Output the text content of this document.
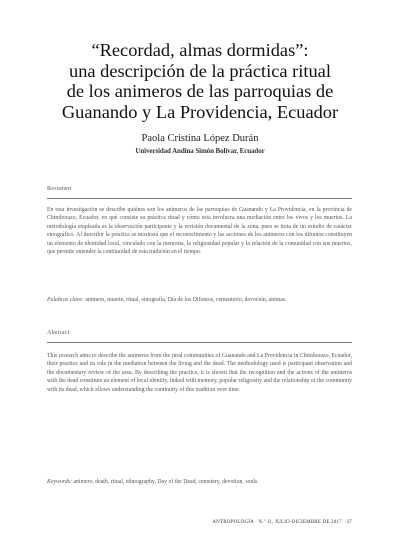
“Recordad, almas dormidas”:
una descripción de la práctica ritual
de los animeros de las parroquias de
Guanando y La Providencia, Ecuador
Paola Cristina López Durán
Universidad Andina Simón Bolívar, Ecuador
Resumen
En esta investigación se describe quiénes son los animeros de las parroquias de Guanando y La Providencia, en la provincia de Chimborazo, Ecuador, en qué consiste su práctica ritual y cómo esta involucra una mediación entre los vivos y los muertos. La metodología empleada es la observación participante y la revisión documental de la zona, pues se trata de un estudio de carácter etnográfico. Al describir la práctica se mostrará que el reconocimiento y las acciones de los animeros con los difuntos constituyen un elemento de identidad local, vinculado con la memoria, la religiosidad popular y la relación de la comunidad con sus muertos, que permite entender la continuidad de esta tradición en el tiempo.
Palabras clave: animero, muerte, ritual, etnografía, Día de los Difuntos, cementerio, devoción, ánimas.
Abstract
This research aims to describe the animeros from the rural communities of Guanando and La Providencia in Chimborazo, Ecuador, their practice and its role in the mediation between the living and the dead. The methodology used is participant observation and the documentary review of the area. By describing the practice, it is shown that the recognition and the actions of the animeros with the dead constitute an element of local identity, linked with memory, popular religiosity and the relationship of the community with its dead, which allows understanding the continuity of this tradition over time.
Keywords: animero, death, ritual, ethnography, Day of the Dead, cemetery, devotion, souls.
ANTROPOLOGÍA · N.º 11, JULIO-DICIEMBRE DE 2017 · 27
